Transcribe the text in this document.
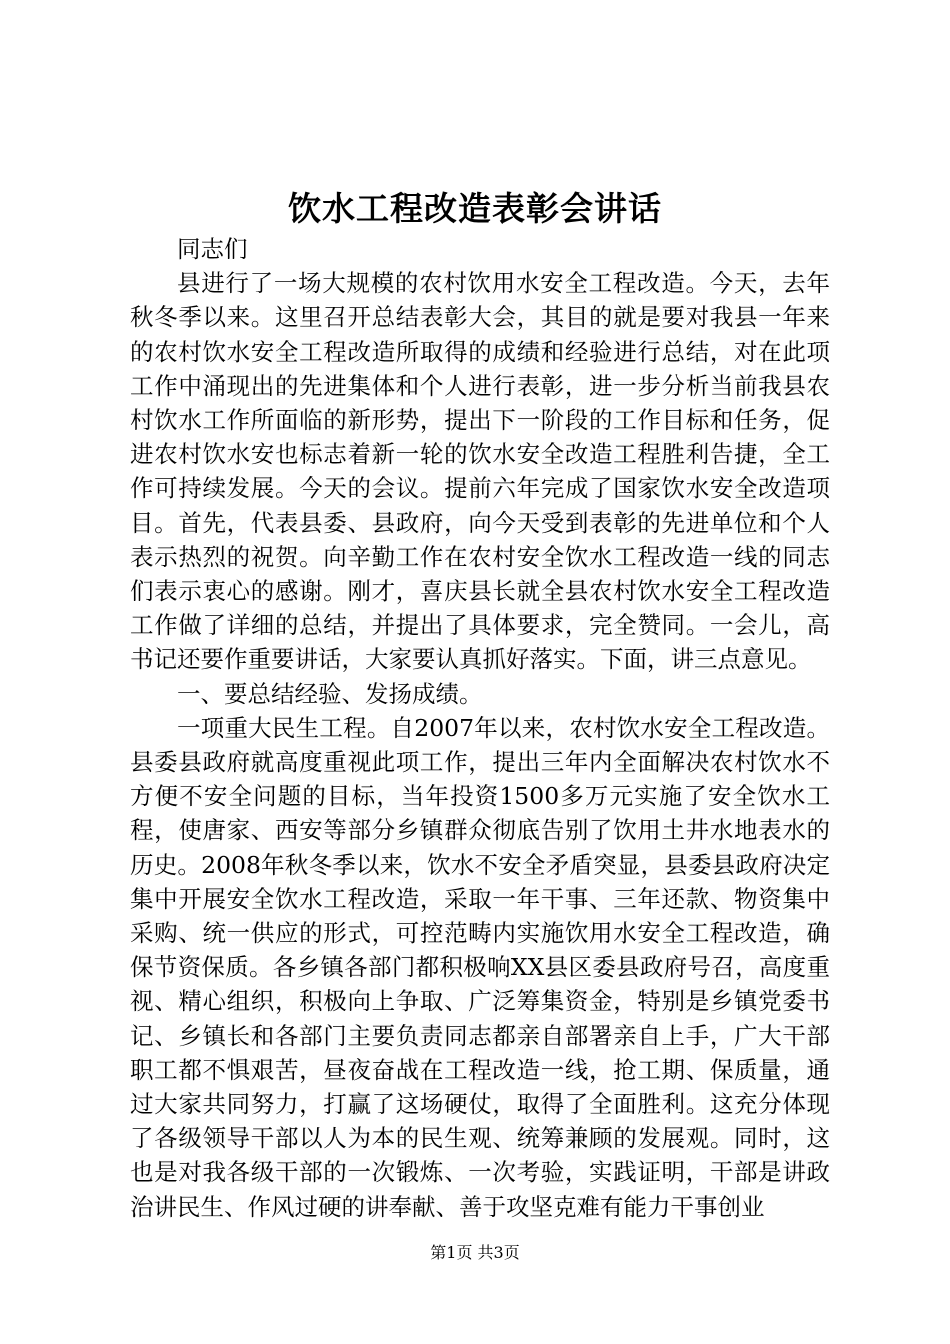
饮水工程改造表彰会讲话

同志们

县进行了一场大规模的农村饮用水安全工程改造。今天，去年秋冬季以来。这里召开总结表彰大会，其目的就是要对我县一年来的农村饮水安全工程改造所取得的成绩和经验进行总结，对在此项工作中涌现出的先进集体和个人进行表彰，进一步分析当前我县农村饮水工作所面临的新形势，提出下一阶段的工作目标和任务，促进农村饮水安也标志着新一轮的饮水安全改造工程胜利告捷，全工作可持续发展。今天的会议。提前六年完成了国家饮水安全改造项目。首先，代表县委、县政府，向今天受到表彰的先进单位和个人表示热烈的祝贺。向辛勤工作在农村安全饮水工程改造一线的同志们表示衷心的感谢。刚才，喜庆县长就全县农村饮水安全工程改造工作做了详细的总结，并提出了具体要求，完全赞同。一会儿，高书记还要作重要讲话，大家要认真抓好落实。下面，讲三点意见。

一、要总结经验、发扬成绩。

一项重大民生工程。自2007年以来，农村饮水安全工程改造。县委县政府就高度重视此项工作，提出三年内全面解决农村饮水不方便不安全问题的目标，当年投资1500多万元实施了安全饮水工程，使唐家、西安等部分乡镇群众彻底告别了饮用土井水地表水的历史。2008年秋冬季以来，饮水不安全矛盾突显，县委县政府决定集中开展安全饮水工程改造，采取一年干事、三年还款、物资集中采购、统一供应的形式，可控范畴内实施饮用水安全工程改造，确保节资保质。各乡镇各部门都积极响XX县区委县政府号召，高度重视、精心组织，积极向上争取、广泛筹集资金，特别是乡镇党委书记、乡镇长和各部门主要负责同志都亲自部署亲自上手，广大干部职工都不惧艰苦，昼夜奋战在工程改造一线，抢工期、保质量，通过大家共同努力，打赢了这场硬仗，取得了全面胜利。这充分体现了各级领导干部以人为本的民生观、统筹兼顾的发展观。同时，这也是对我各级干部的一次锻炼、一次考验，实践证明，干部是讲政治讲民生、作风过硬的讲奉献、善于攻坚克难有能力干事创业

第1页 共3页
